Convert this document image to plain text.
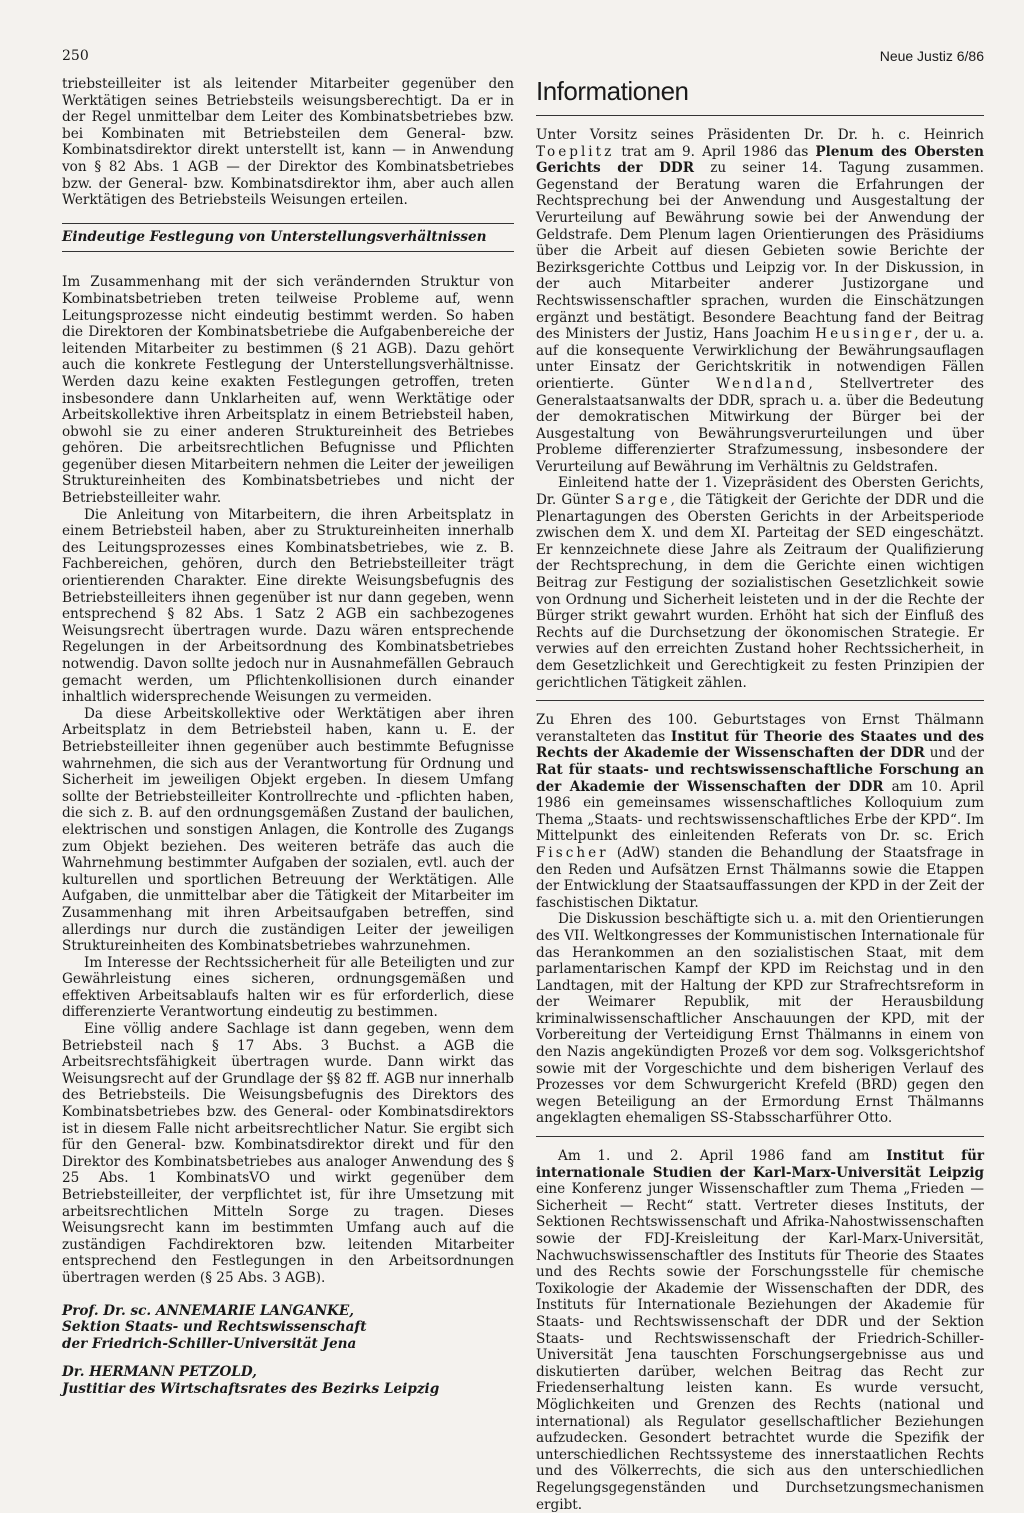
250	Neue Justiz 6/86

triebsteilleiter ist als leitender Mitarbeiter gegenüber den Werktätigen seines Betriebsteils weisungsberechtigt. Da er in der Regel unmittelbar dem Leiter des Kombinatsbetriebes bzw. bei Kombinaten mit Betriebsteilen dem General- bzw. Kombinatsdirektor direkt unterstellt ist, kann — in Anwendung von § 82 Abs. 1 AGB — der Direktor des Kombinatsbetriebes bzw. der General- bzw. Kombinatsdirektor ihm, aber auch allen Werktätigen des Betriebsteils Weisungen erteilen.

Eindeutige Festlegung von Unterstellungsverhältnissen

Im Zusammenhang mit der sich verändernden Struktur von Kombinatsbetrieben treten teilweise Probleme auf, wenn Leitungsprozesse nicht eindeutig bestimmt werden. So haben die Direktoren der Kombinatsbetriebe die Aufgabenbereiche der leitenden Mitarbeiter zu bestimmen (§ 21 AGB). Dazu gehört auch die konkrete Festlegung der Unterstellungsverhältnisse. Werden dazu keine exakten Festlegungen getroffen, treten insbesondere dann Unklarheiten auf, wenn Werktätige oder Arbeitskollektive ihren Arbeitsplatz in einem Betriebsteil haben, obwohl sie zu einer anderen Struktureinheit des Betriebes gehören. Die arbeitsrechtlichen Befugnisse und Pflichten gegenüber diesen Mitarbeitern nehmen die Leiter der jeweiligen Struktureinheiten des Kombinatsbetriebes und nicht der Betriebsteilleiter wahr.

Die Anleitung von Mitarbeitern, die ihren Arbeitsplatz in einem Betriebsteil haben, aber zu Struktureinheiten innerhalb des Leitungsprozesses eines Kombinatsbetriebes, wie z. B. Fachbereichen, gehören, durch den Betriebsteilleiter trägt orientierenden Charakter. Eine direkte Weisungsbefugnis des Betriebsteilleiters ihnen gegenüber ist nur dann gegeben, wenn entsprechend § 82 Abs. 1 Satz 2 AGB ein sachbezogenes Weisungsrecht übertragen wurde. Dazu wären entsprechende Regelungen in der Arbeitsordnung des Kombinatsbetriebes notwendig. Davon sollte jedoch nur in Ausnahmefällen Gebrauch gemacht werden, um Pflichtenkollisionen durch einander inhaltlich widersprechende Weisungen zu vermeiden.

Da diese Arbeitskollektive oder Werktätigen aber ihren Arbeitsplatz in dem Betriebsteil haben, kann u. E. der Betriebsteilleiter ihnen gegenüber auch bestimmte Befugnisse wahrnehmen, die sich aus der Verantwortung für Ordnung und Sicherheit im jeweiligen Objekt ergeben. In diesem Umfang sollte der Betriebsteilleiter Kontrollrechte und -pflichten haben, die sich z. B. auf den ordnungsgemäßen Zustand der baulichen, elektrischen und sonstigen Anlagen, die Kontrolle des Zugangs zum Objekt beziehen. Des weiteren beträfe das auch die Wahrnehmung bestimmter Aufgaben der sozialen, evtl. auch der kulturellen und sportlichen Betreuung der Werktätigen. Alle Aufgaben, die unmittelbar aber die Tätigkeit der Mitarbeiter im Zusammenhang mit ihren Arbeitsaufgaben betreffen, sind allerdings nur durch die zuständigen Leiter der jeweiligen Struktureinheiten des Kombinatsbetriebes wahrzunehmen.

Im Interesse der Rechtssicherheit für alle Beteiligten und zur Gewährleistung eines sicheren, ordnungsgemäßen und effektiven Arbeitsablaufs halten wir es für erforderlich, diese differenzierte Verantwortung eindeutig zu bestimmen.

Eine völlig andere Sachlage ist dann gegeben, wenn dem Betriebsteil nach § 17 Abs. 3 Buchst. a AGB die Arbeitsrechtsfähigkeit übertragen wurde. Dann wirkt das Weisungsrecht auf der Grundlage der §§ 82 ff. AGB nur innerhalb des Betriebsteils. Die Weisungsbefugnis des Direktors des Kombinatsbetriebes bzw. des General- oder Kombinatsdirektors ist in diesem Falle nicht arbeitsrechtlicher Natur. Sie ergibt sich für den General- bzw. Kombinatsdirektor direkt und für den Direktor des Kombinatsbetriebes aus analoger Anwendung des § 25 Abs. 1 KombinatsVO und wirkt gegenüber dem Betriebsteilleiter, der verpflichtet ist, für ihre Umsetzung mit arbeitsrechtlichen Mitteln Sorge zu tragen. Dieses Weisungsrecht kann im bestimmten Umfang auch auf die zuständigen Fachdirektoren bzw. leitenden Mitarbeiter entsprechend den Festlegungen in den Arbeitsordnungen übertragen werden (§ 25 Abs. 3 AGB).

Prof. Dr. sc. ANNEMARIE LANGANKE,
Sektion Staats- und Rechtswissenschaft
der Friedrich-Schiller-Universität Jena
Dr. HERMANN PETZOLD,
Justitiar des Wirtschaftsrates des Bezirks Leipzig
Informationen

Unter Vorsitz seines Präsidenten Dr. Dr. h. c. Heinrich Toeplitz trat am 9. April 1986 das Plenum des Obersten Gerichts der DDR zu seiner 14. Tagung zusammen. Gegenstand der Beratung waren die Erfahrungen der Rechtsprechung bei der Anwendung und Ausgestaltung der Verurteilung auf Bewährung sowie bei der Anwendung der Geldstrafe. Dem Plenum lagen Orientierungen des Präsidiums über die Arbeit auf diesen Gebieten sowie Berichte der Bezirksgerichte Cottbus und Leipzig vor. In der Diskussion, in der auch Mitarbeiter anderer Justizorgane und Rechtswissenschaftler sprachen, wurden die Einschätzungen ergänzt und bestätigt. Besondere Beachtung fand der Beitrag des Ministers der Justiz, Hans Joachim Heusinger, der u. a. auf die konsequente Verwirklichung der Bewährungsauflagen unter Einsatz der Gerichtskritik in notwendigen Fällen orientierte. Günter Wendland, Stellvertreter des Generalstaatsanwalts der DDR, sprach u. a. über die Bedeutung der demokratischen Mitwirkung der Bürger bei der Ausgestaltung von Bewährungsverurteilungen und über Probleme differenzierter Strafzumessung, insbesondere der Verurteilung auf Bewährung im Verhältnis zu Geldstrafen.

Einleitend hatte der 1. Vizepräsident des Obersten Gerichts, Dr. Günter Sarge, die Tätigkeit der Gerichte der DDR und die Plenartagungen des Obersten Gerichts in der Arbeitsperiode zwischen dem X. und dem XI. Parteitag der SED eingeschätzt. Er kennzeichnete diese Jahre als Zeitraum der Qualifizierung der Rechtsprechung, in dem die Gerichte einen wichtigen Beitrag zur Festigung der sozialistischen Gesetzlichkeit sowie von Ordnung und Sicherheit leisteten und in der die Rechte der Bürger strikt gewahrt wurden. Erhöht hat sich der Einfluß des Rechts auf die Durchsetzung der ökonomischen Strategie. Er verwies auf den erreichten Zustand hoher Rechtssicherheit, in dem Gesetzlichkeit und Gerechtigkeit zu festen Prinzipien der gerichtlichen Tätigkeit zählen.

Zu Ehren des 100. Geburtstages von Ernst Thälmann veranstalteten das Institut für Theorie des Staates und des Rechts der Akademie der Wissenschaften der DDR und der Rat für staats- und rechtswissenschaftliche Forschung an der Akademie der Wissenschaften der DDR am 10. April 1986 ein gemeinsames wissenschaftliches Kolloquium zum Thema „Staats- und rechtswissenschaftliches Erbe der KPD“. Im Mittelpunkt des einleitenden Referats von Dr. sc. Erich Fischer (AdW) standen die Behandlung der Staatsfrage in den Reden und Aufsätzen Ernst Thälmanns sowie die Etappen der Entwicklung der Staatsauffassungen der KPD in der Zeit der faschistischen Diktatur.

Die Diskussion beschäftigte sich u. a. mit den Orientierungen des VII. Weltkongresses der Kommunistischen Internationale für das Herankommen an den sozialistischen Staat, mit dem parlamentarischen Kampf der KPD im Reichstag und in den Landtagen, mit der Haltung der KPD zur Strafrechtsreform in der Weimarer Republik, mit der Herausbildung kriminalwissenschaftlicher Anschauungen der KPD, mit der Vorbereitung der Verteidigung Ernst Thälmanns in einem von den Nazis angekündigten Prozeß vor dem sog. Volksgerichtshof sowie mit der Vorgeschichte und dem bisherigen Verlauf des Prozesses vor dem Schwurgericht Krefeld (BRD) gegen den wegen Beteiligung an der Ermordung Ernst Thälmanns angeklagten ehemaligen SS-Stabsscharführer Otto.

Am 1. und 2. April 1986 fand am Institut für internationale Studien der Karl-Marx-Universität Leipzig eine Konferenz junger Wissenschaftler zum Thema „Frieden — Sicherheit — Recht“ statt. Vertreter dieses Instituts, der Sektionen Rechtswissenschaft und Afrika-Nahostwissenschaften sowie der FDJ-Kreisleitung der Karl-Marx-Universität, Nachwuchswissenschaftler des Instituts für Theorie des Staates und des Rechts sowie der Forschungsstelle für chemische Toxikologie der Akademie der Wissenschaften der DDR, des Instituts für Internationale Beziehungen der Akademie für Staats- und Rechtswissenschaft der DDR und der Sektion Staats- und Rechtswissenschaft der Friedrich-Schiller-Universität Jena tauschten Forschungsergebnisse aus und diskutierten darüber, welchen Beitrag das Recht zur Friedenserhaltung leisten kann. Es wurde versucht, Möglichkeiten und Grenzen des Rechts (national und international) als Regulator gesellschaftlicher Beziehungen aufzudecken. Gesondert betrachtet wurde die Spezifik der unterschiedlichen Rechtssysteme des innerstaatlichen Rechts und des Völkerrechts, die sich aus den unterschiedlichen Regelungsgegenständen und Durchsetzungsmechanismen ergibt.
